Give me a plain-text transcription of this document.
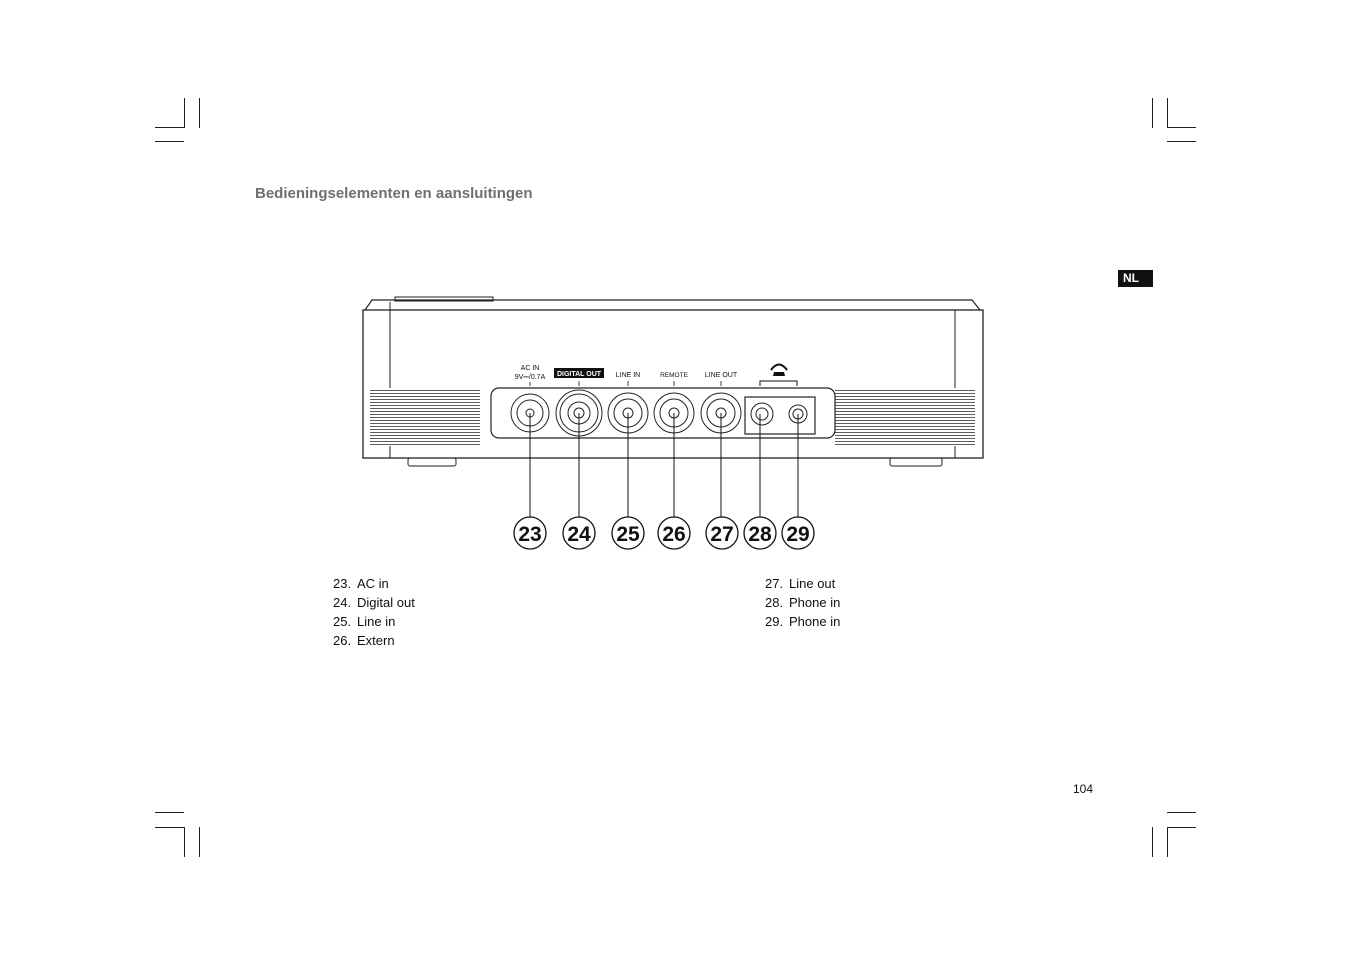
Bedieningselementen en aansluitingen
NL
AC IN
9V⎓/0.7A DIGITAL OUT LINE IN	REMOTE LINE OUT
23 24 25 26 27 28 29
23. AC in
24. Digital out
25. Line in
26. Extern
27. Line out
28. Phone in
29. Phone in
104
